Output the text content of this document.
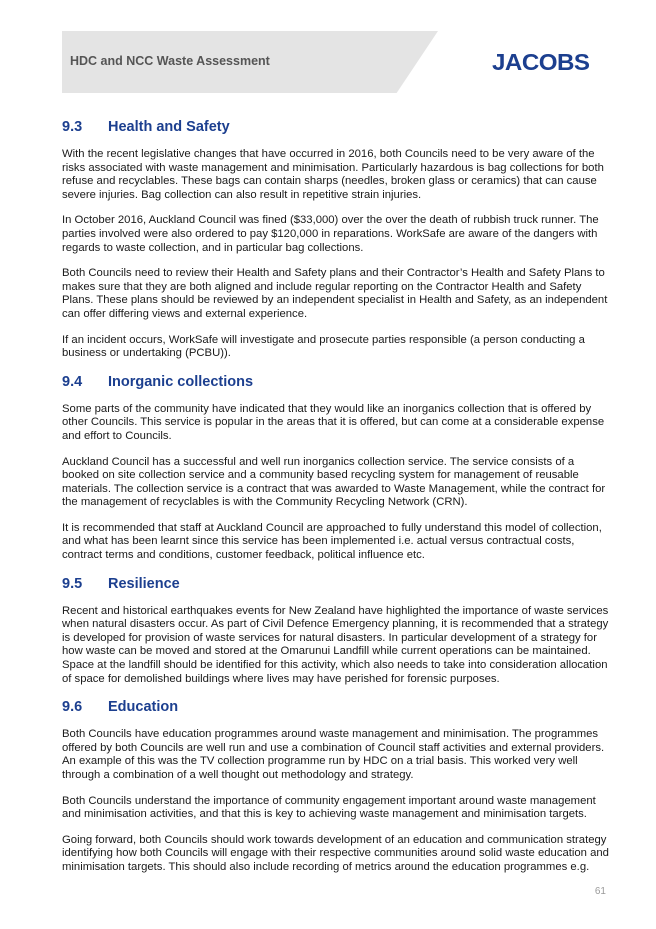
HDC and NCC Waste Assessment	JACOBS
9.3	Health and Safety

With the recent legislative changes that have occurred in 2016, both Councils need to be very aware of the risks associated with waste management and minimisation. Particularly hazardous is bag collections for both refuse and recyclables. These bags can contain sharps (needles, broken glass or ceramics) that can cause severe injuries. Bag collection can also result in repetitive strain injuries.

In October 2016, Auckland Council was fined ($33,000) over the over the death of rubbish truck runner. The parties involved were also ordered to pay $120,000 in reparations. WorkSafe are aware of the dangers with regards to waste collection, and in particular bag collections.

Both Councils need to review their Health and Safety plans and their Contractor’s Health and Safety Plans to makes sure that they are both aligned and include regular reporting on the Contractor Health and Safety Plans. These plans should be reviewed by an independent specialist in Health and Safety, as an independent can offer differing views and external experience.

If an incident occurs, WorkSafe will investigate and prosecute parties responsible (a person conducting a business or undertaking (PCBU)).

9.4	Inorganic collections

Some parts of the community have indicated that they would like an inorganics collection that is offered by other Councils. This service is popular in the areas that it is offered, but can come at a considerable expense and effort to Councils.

Auckland Council has a successful and well run inorganics collection service. The service consists of a booked on site collection service and a community based recycling system for management of reusable materials. The collection service is a contract that was awarded to Waste Management, while the contract for the management of recyclables is with the Community Recycling Network (CRN).

It is recommended that staff at Auckland Council are approached to fully understand this model of collection, and what has been learnt since this service has been implemented i.e. actual versus contractual costs, contract terms and conditions, customer feedback, political influence etc.

9.5	Resilience

Recent and historical earthquakes events for New Zealand have highlighted the importance of waste services when natural disasters occur. As part of Civil Defence Emergency planning, it is recommended that a strategy is developed for provision of waste services for natural disasters. In particular development of a strategy for how waste can be moved and stored at the Omarunui Landfill while current operations can be maintained. Space at the landfill should be identified for this activity, which also needs to take into consideration allocation of space for demolished buildings where lives may have perished for forensic purposes.

9.6	Education

Both Councils have education programmes around waste management and minimisation. The programmes offered by both Councils are well run and use a combination of Council staff activities and external providers. An example of this was the TV collection programme run by HDC on a trial basis. This worked very well through a combination of a well thought out methodology and strategy.

Both Councils understand the importance of community engagement important around waste management and minimisation activities, and that this is key to achieving waste management and minimisation targets.

Going forward, both Councils should work towards development of an education and communication strategy identifying how both Councils will engage with their respective communities around solid waste education and minimisation targets. This should also include recording of metrics around the education programmes e.g.

61
